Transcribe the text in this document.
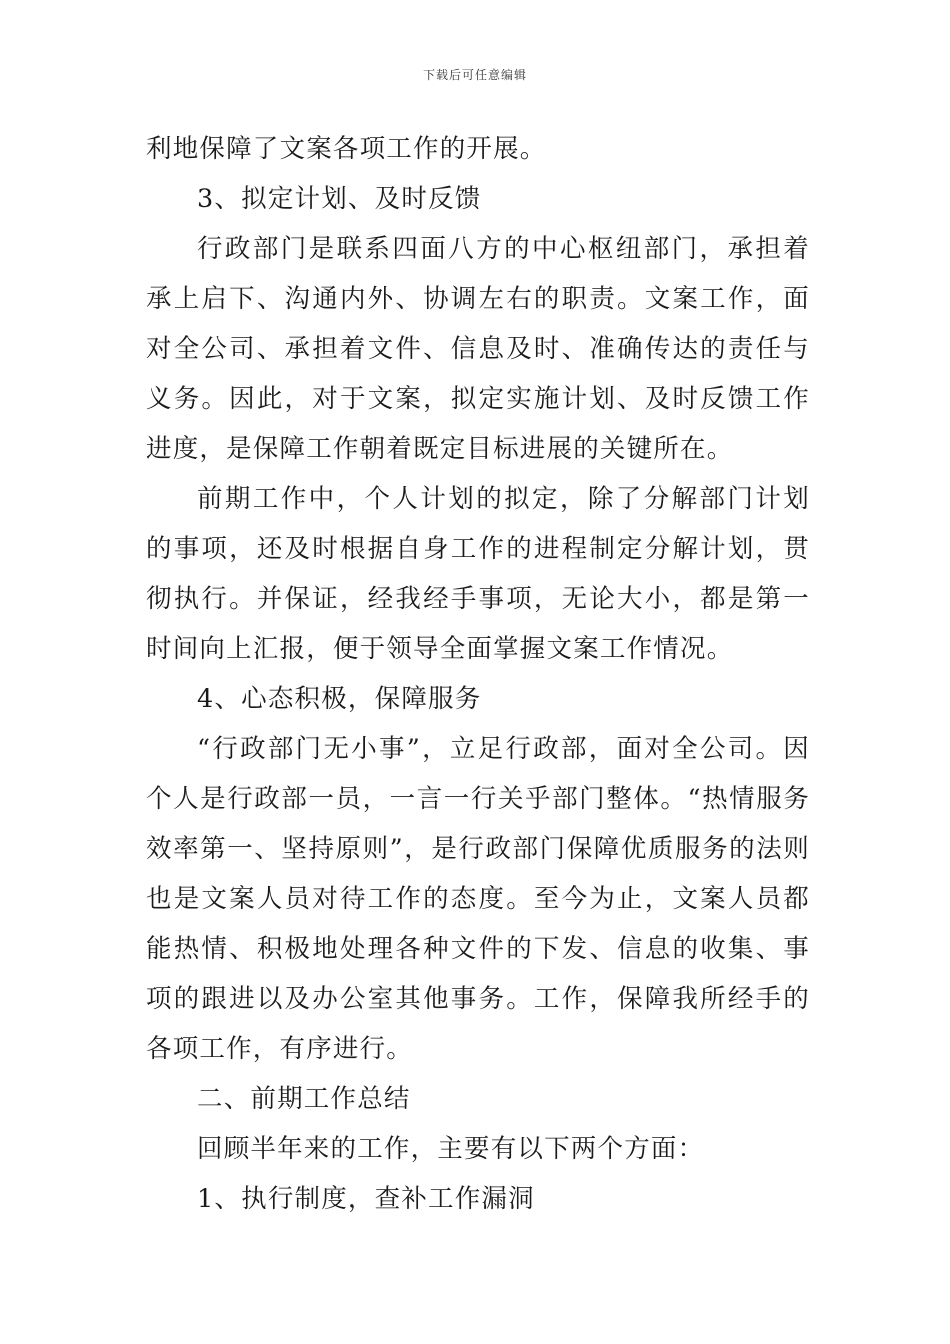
下载后可任意编辑

利地保障了文案各项工作的开展。

3、拟定计划、及时反馈

行政部门是联系四面八方的中心枢纽部门，承担着承上启下、沟通内外、协调左右的职责。文案工作，面对全公司、承担着文件、信息及时、准确传达的责任与义务。因此，对于文案，拟定实施计划、及时反馈工作进度，是保障工作朝着既定目标进展的关键所在。

前期工作中，个人计划的拟定，除了分解部门计划的事项，还及时根据自身工作的进程制定分解计划，贯彻执行。并保证，经我经手事项，无论大小，都是第一时间向上汇报，便于领导全面掌握文案工作情况。

4、心态积极，保障服务

“行政部门无小事”，立足行政部，面对全公司。因个人是行政部一员，一言一行关乎部门整体。“热情服务效率第一、坚持原则”，是行政部门保障优质服务的法则也是文案人员对待工作的态度。至今为止，文案人员都能热情、积极地处理各种文件的下发、信息的收集、事项的跟进以及办公室其他事务。工作，保障我所经手的各项工作，有序进行。

二、前期工作总结

回顾半年来的工作，主要有以下两个方面：

1、执行制度，查补工作漏洞
